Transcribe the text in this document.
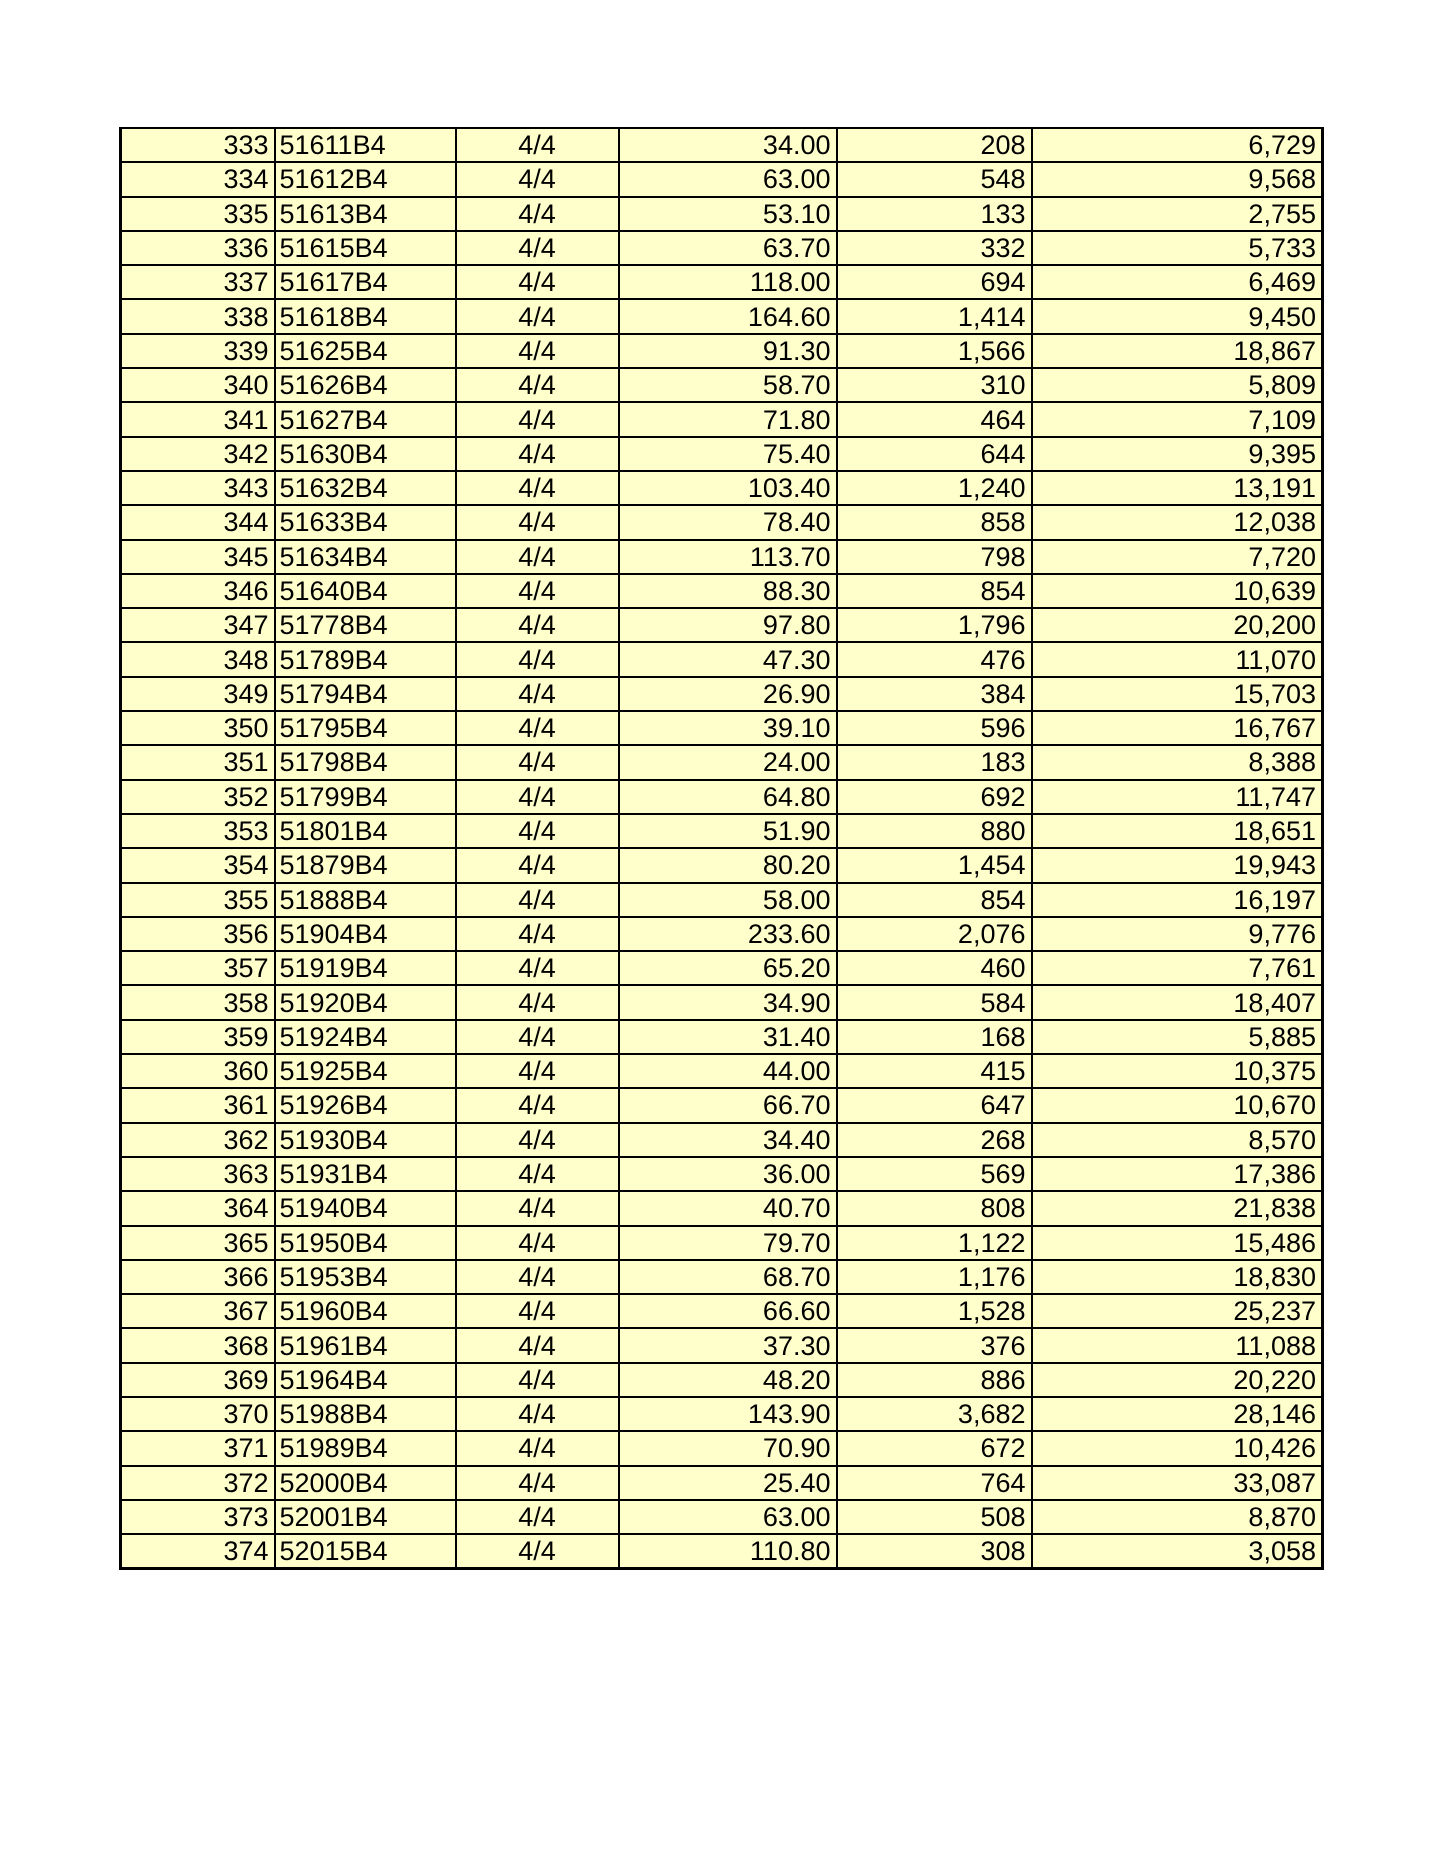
333	51611B4	4/4	34.00	208	6,729
334	51612B4	4/4	63.00	548	9,568
335	51613B4	4/4	53.10	133	2,755
336	51615B4	4/4	63.70	332	5,733
337	51617B4	4/4	118.00	694	6,469
338	51618B4	4/4	164.60	1,414	9,450
339	51625B4	4/4	91.30	1,566	18,867
340	51626B4	4/4	58.70	310	5,809
341	51627B4	4/4	71.80	464	7,109
342	51630B4	4/4	75.40	644	9,395
343	51632B4	4/4	103.40	1,240	13,191
344	51633B4	4/4	78.40	858	12,038
345	51634B4	4/4	113.70	798	7,720
346	51640B4	4/4	88.30	854	10,639
347	51778B4	4/4	97.80	1,796	20,200
348	51789B4	4/4	47.30	476	11,070
349	51794B4	4/4	26.90	384	15,703
350	51795B4	4/4	39.10	596	16,767
351	51798B4	4/4	24.00	183	8,388
352	51799B4	4/4	64.80	692	11,747
353	51801B4	4/4	51.90	880	18,651
354	51879B4	4/4	80.20	1,454	19,943
355	51888B4	4/4	58.00	854	16,197
356	51904B4	4/4	233.60	2,076	9,776
357	51919B4	4/4	65.20	460	7,761
358	51920B4	4/4	34.90	584	18,407
359	51924B4	4/4	31.40	168	5,885
360	51925B4	4/4	44.00	415	10,375
361	51926B4	4/4	66.70	647	10,670
362	51930B4	4/4	34.40	268	8,570
363	51931B4	4/4	36.00	569	17,386
364	51940B4	4/4	40.70	808	21,838
365	51950B4	4/4	79.70	1,122	15,486
366	51953B4	4/4	68.70	1,176	18,830
367	51960B4	4/4	66.60	1,528	25,237
368	51961B4	4/4	37.30	376	11,088
369	51964B4	4/4	48.20	886	20,220
370	51988B4	4/4	143.90	3,682	28,146
371	51989B4	4/4	70.90	672	10,426
372	52000B4	4/4	25.40	764	33,087
373	52001B4	4/4	63.00	508	8,870
374	52015B4	4/4	110.80	308	3,058
